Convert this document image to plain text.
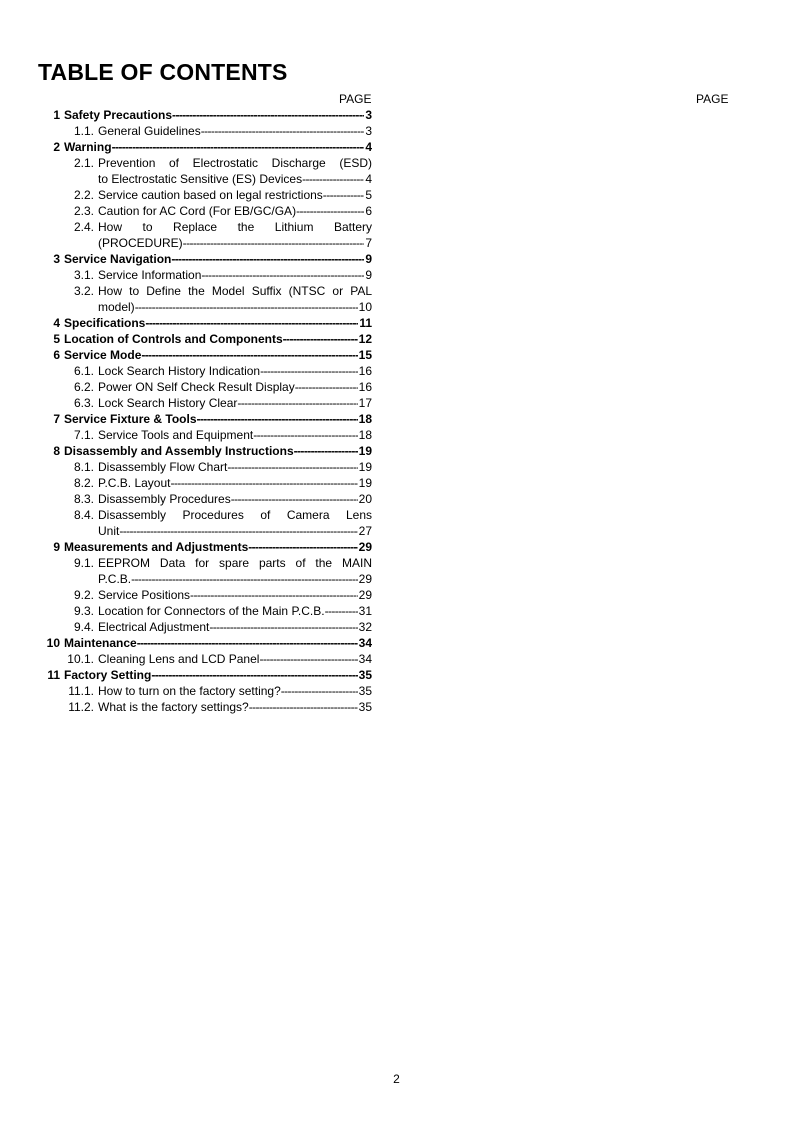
TABLE OF CONTENTS
PAGE	PAGE
1 Safety Precautions -----	3
1.1. General Guidelines -----	3
2 Warning -----	4
2.1. Prevention of Electrostatic Discharge (ESD)
to Electrostatic Sensitive (ES) Devices -----	4
2.2. Service caution based on legal restrictions -----	5
2.3. Caution for AC Cord (For EB/GC/GA) -----	6
2.4. How to Replace the Lithium Battery
(PROCEDURE) -----	7
3 Service Navigation -----	9
3.1. Service Information -----	9
3.2. How to Define the Model Suffix (NTSC or PAL
model) -----	10
4 Specifications -----	11
5 Location of Controls and Components -----	12
6 Service Mode -----	15
6.1. Lock Search History Indication -----	16
6.2. Power ON Self Check Result Display -----	16
6.3. Lock Search History Clear -----	17
7 Service Fixture & Tools -----	18
7.1. Service Tools and Equipment -----	18
8 Disassembly and Assembly Instructions -----	19
8.1. Disassembly Flow Chart -----	19
8.2. P.C.B. Layout -----	19
8.3. Disassembly Procedures -----	20
8.4. Disassembly Procedures of Camera Lens
Unit -----	27
9 Measurements and Adjustments -----	29
9.1. EEPROM Data for spare parts of the MAIN
P.C.B. -----	29
9.2. Service Positions -----	29
9.3. Location for Connectors of the Main P.C.B. -----	31
9.4. Electrical Adjustment -----	32
10 Maintenance -----	34
10.1. Cleaning Lens and LCD Panel -----	34
11 Factory Setting -----	35
11.1. How to turn on the factory setting? -----	35
11.2. What is the factory settings? -----	35
2
